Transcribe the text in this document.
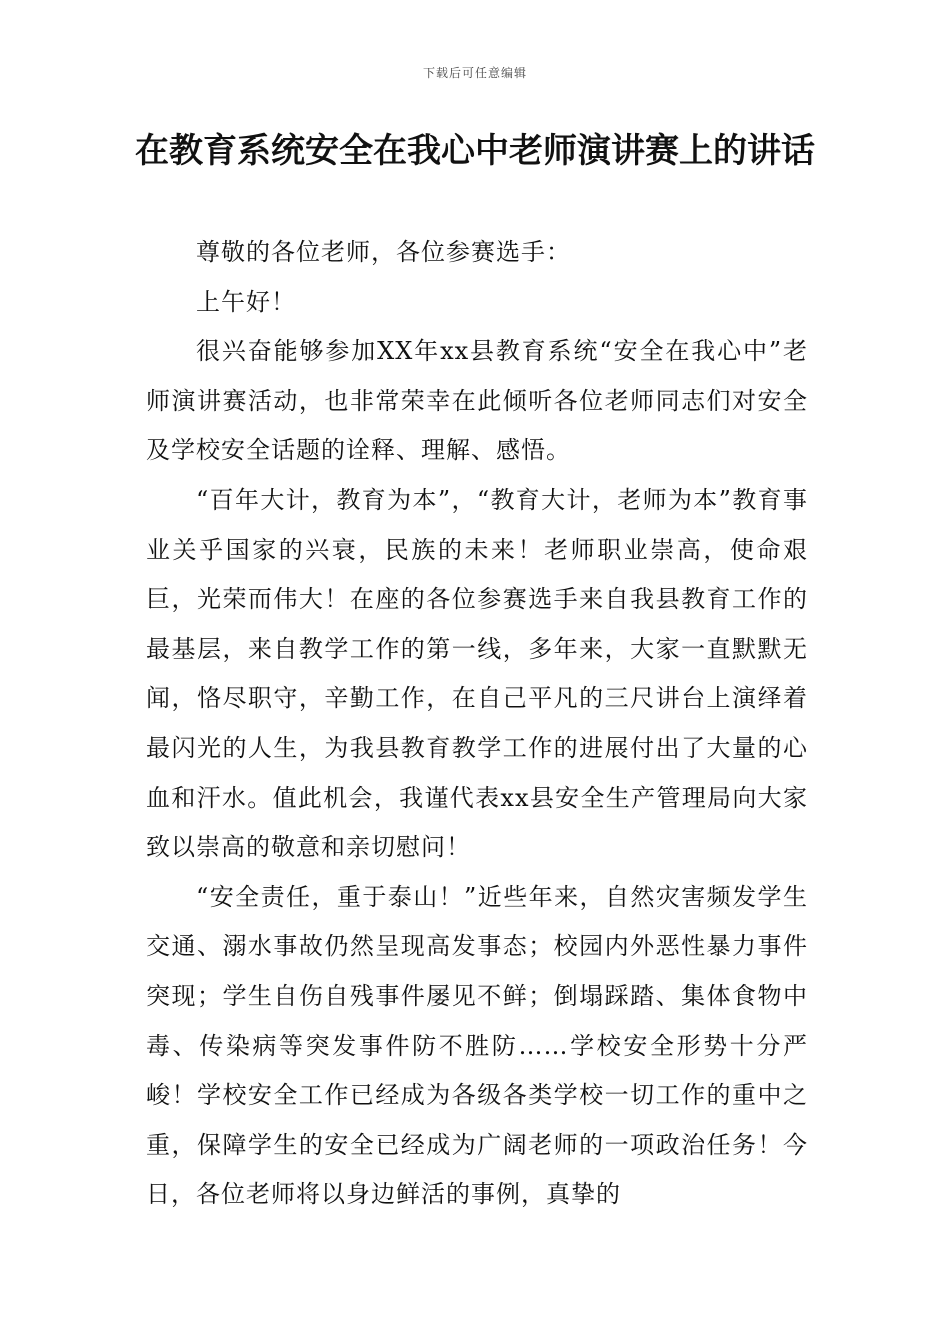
下载后可任意编辑
在教育系统安全在我心中老师演讲赛上的讲话

尊敬的各位老师，各位参赛选手：

上午好！

很兴奋能够参加XX年xx县教育系统“安全在我心中”老师演讲赛活动，也非常荣幸在此倾听各位老师同志们对安全及学校安全话题的诠释、理解、感悟。

“百年大计，教育为本”，“教育大计，老师为本”教育事业关乎国家的兴衰，民族的未来！老师职业崇高，使命艰巨，光荣而伟大！在座的各位参赛选手来自我县教育工作的最基层，来自教学工作的第一线，多年来，大家一直默默无闻，恪尽职守，辛勤工作，在自己平凡的三尺讲台上演绎着最闪光的人生，为我县教育教学工作的进展付出了大量的心血和汗水。值此机会，我谨代表xx县安全生产管理局向大家致以崇高的敬意和亲切慰问！

“安全责任，重于泰山！”近些年来，自然灾害频发学生交通、溺水事故仍然呈现高发事态；校园内外恶性暴力事件突现；学生自伤自残事件屡见不鲜；倒塌踩踏、集体食物中毒、传染病等突发事件防不胜防……学校安全形势十分严峻！学校安全工作已经成为各级各类学校一切工作的重中之重，保障学生的安全已经成为广阔老师的一项政治任务！今日，各位老师将以身边鲜活的事例，真挚的
